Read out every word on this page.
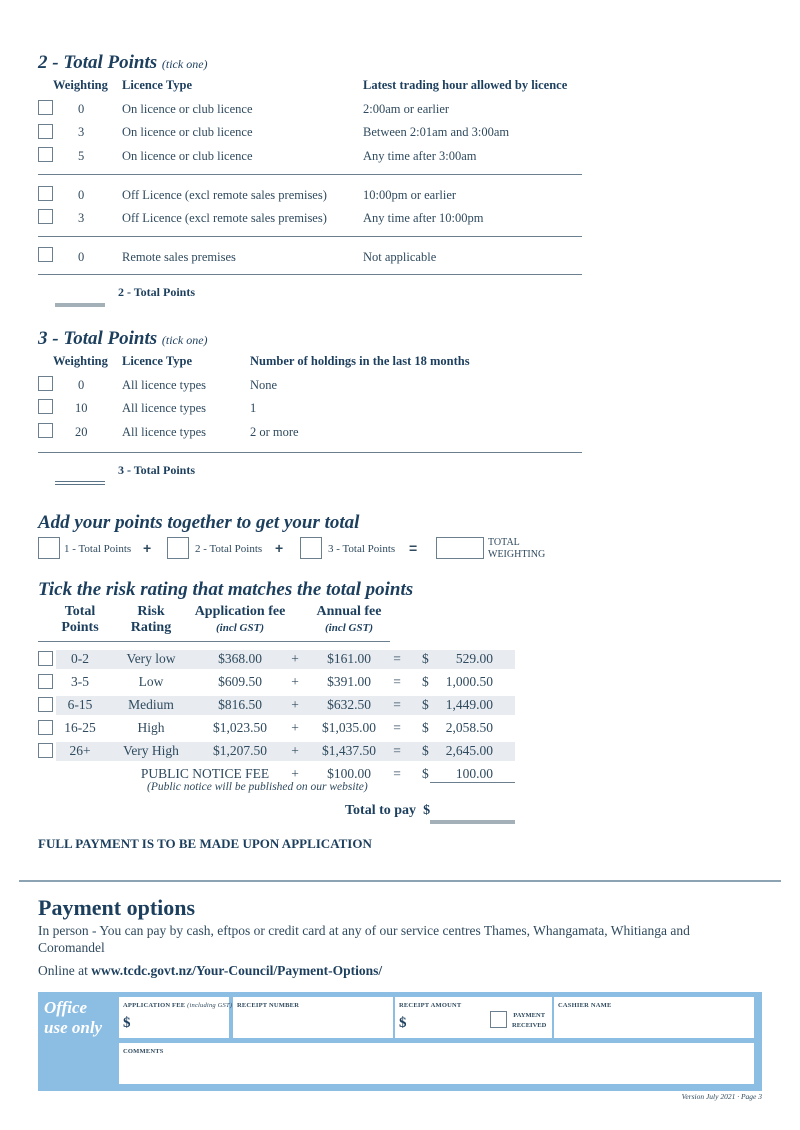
2 - Total Points (tick one)
Weighting Licence Type	Latest trading hour allowed by licence
0	On licence or club licence	2:00am or earlier
3	On licence or club licence	Between 2:01am and 3:00am
5	On licence or club licence	Any time after 3:00am
0	Off Licence (excl remote sales premises)	10:00pm or earlier
3	Off Licence (excl remote sales premises)	Any time after 10:00pm
0	Remote sales premises	Not applicable
2 - Total Points
3 - Total Points (tick one)
Weighting Licence Type	Number of holdings in the last 18 months
0	All licence types	None
10	All licence types	1
20	All licence types	2 or more
3 - Total Points
Add your points together to get your total
1 - Total Points +	2 - Total Points +	3 - Total Points =	TOTAL
WEIGHTING
Tick the risk rating that matches the total points
Total
Points
Risk
Rating
Application fee
(incl GST)
Annual fee
(incl GST)
0-2	Very low	$368.00 + $161.00 = $ 529.00
3-5	Low	$609.50 + $391.00 = $ 1,000.50
6-15	Medium	$816.50 + $632.50 = $ 1,449.00
16-25	High	$1,023.50 + $1,035.00 = $ 2,058.50
26+ Very High	$1,207.50 + $1,437.50 = $ 2,645.00
PUBLIC NOTICE FEE + $100.00 = $ 100.00
(Public notice will be published on our website)
Total to pay $
FULL PAYMENT IS TO BE MADE UPON APPLICATION
Payment options
In person - You can pay by cash, eftpos or credit card at any of our service centres Thames, Whangamata, Whitianga and Coromandel
Online at www.tcdc.govt.nz/Your-Council/Payment-Options/
Office
use only
APPLICATION FEE (including GST)
$
RECEIPT NUMBER	RECEIPT AMOUNT
$	PAYMENT
RECEIVED
CASHIER NAME
COMMENTS
Version July 2021 · Page 3
